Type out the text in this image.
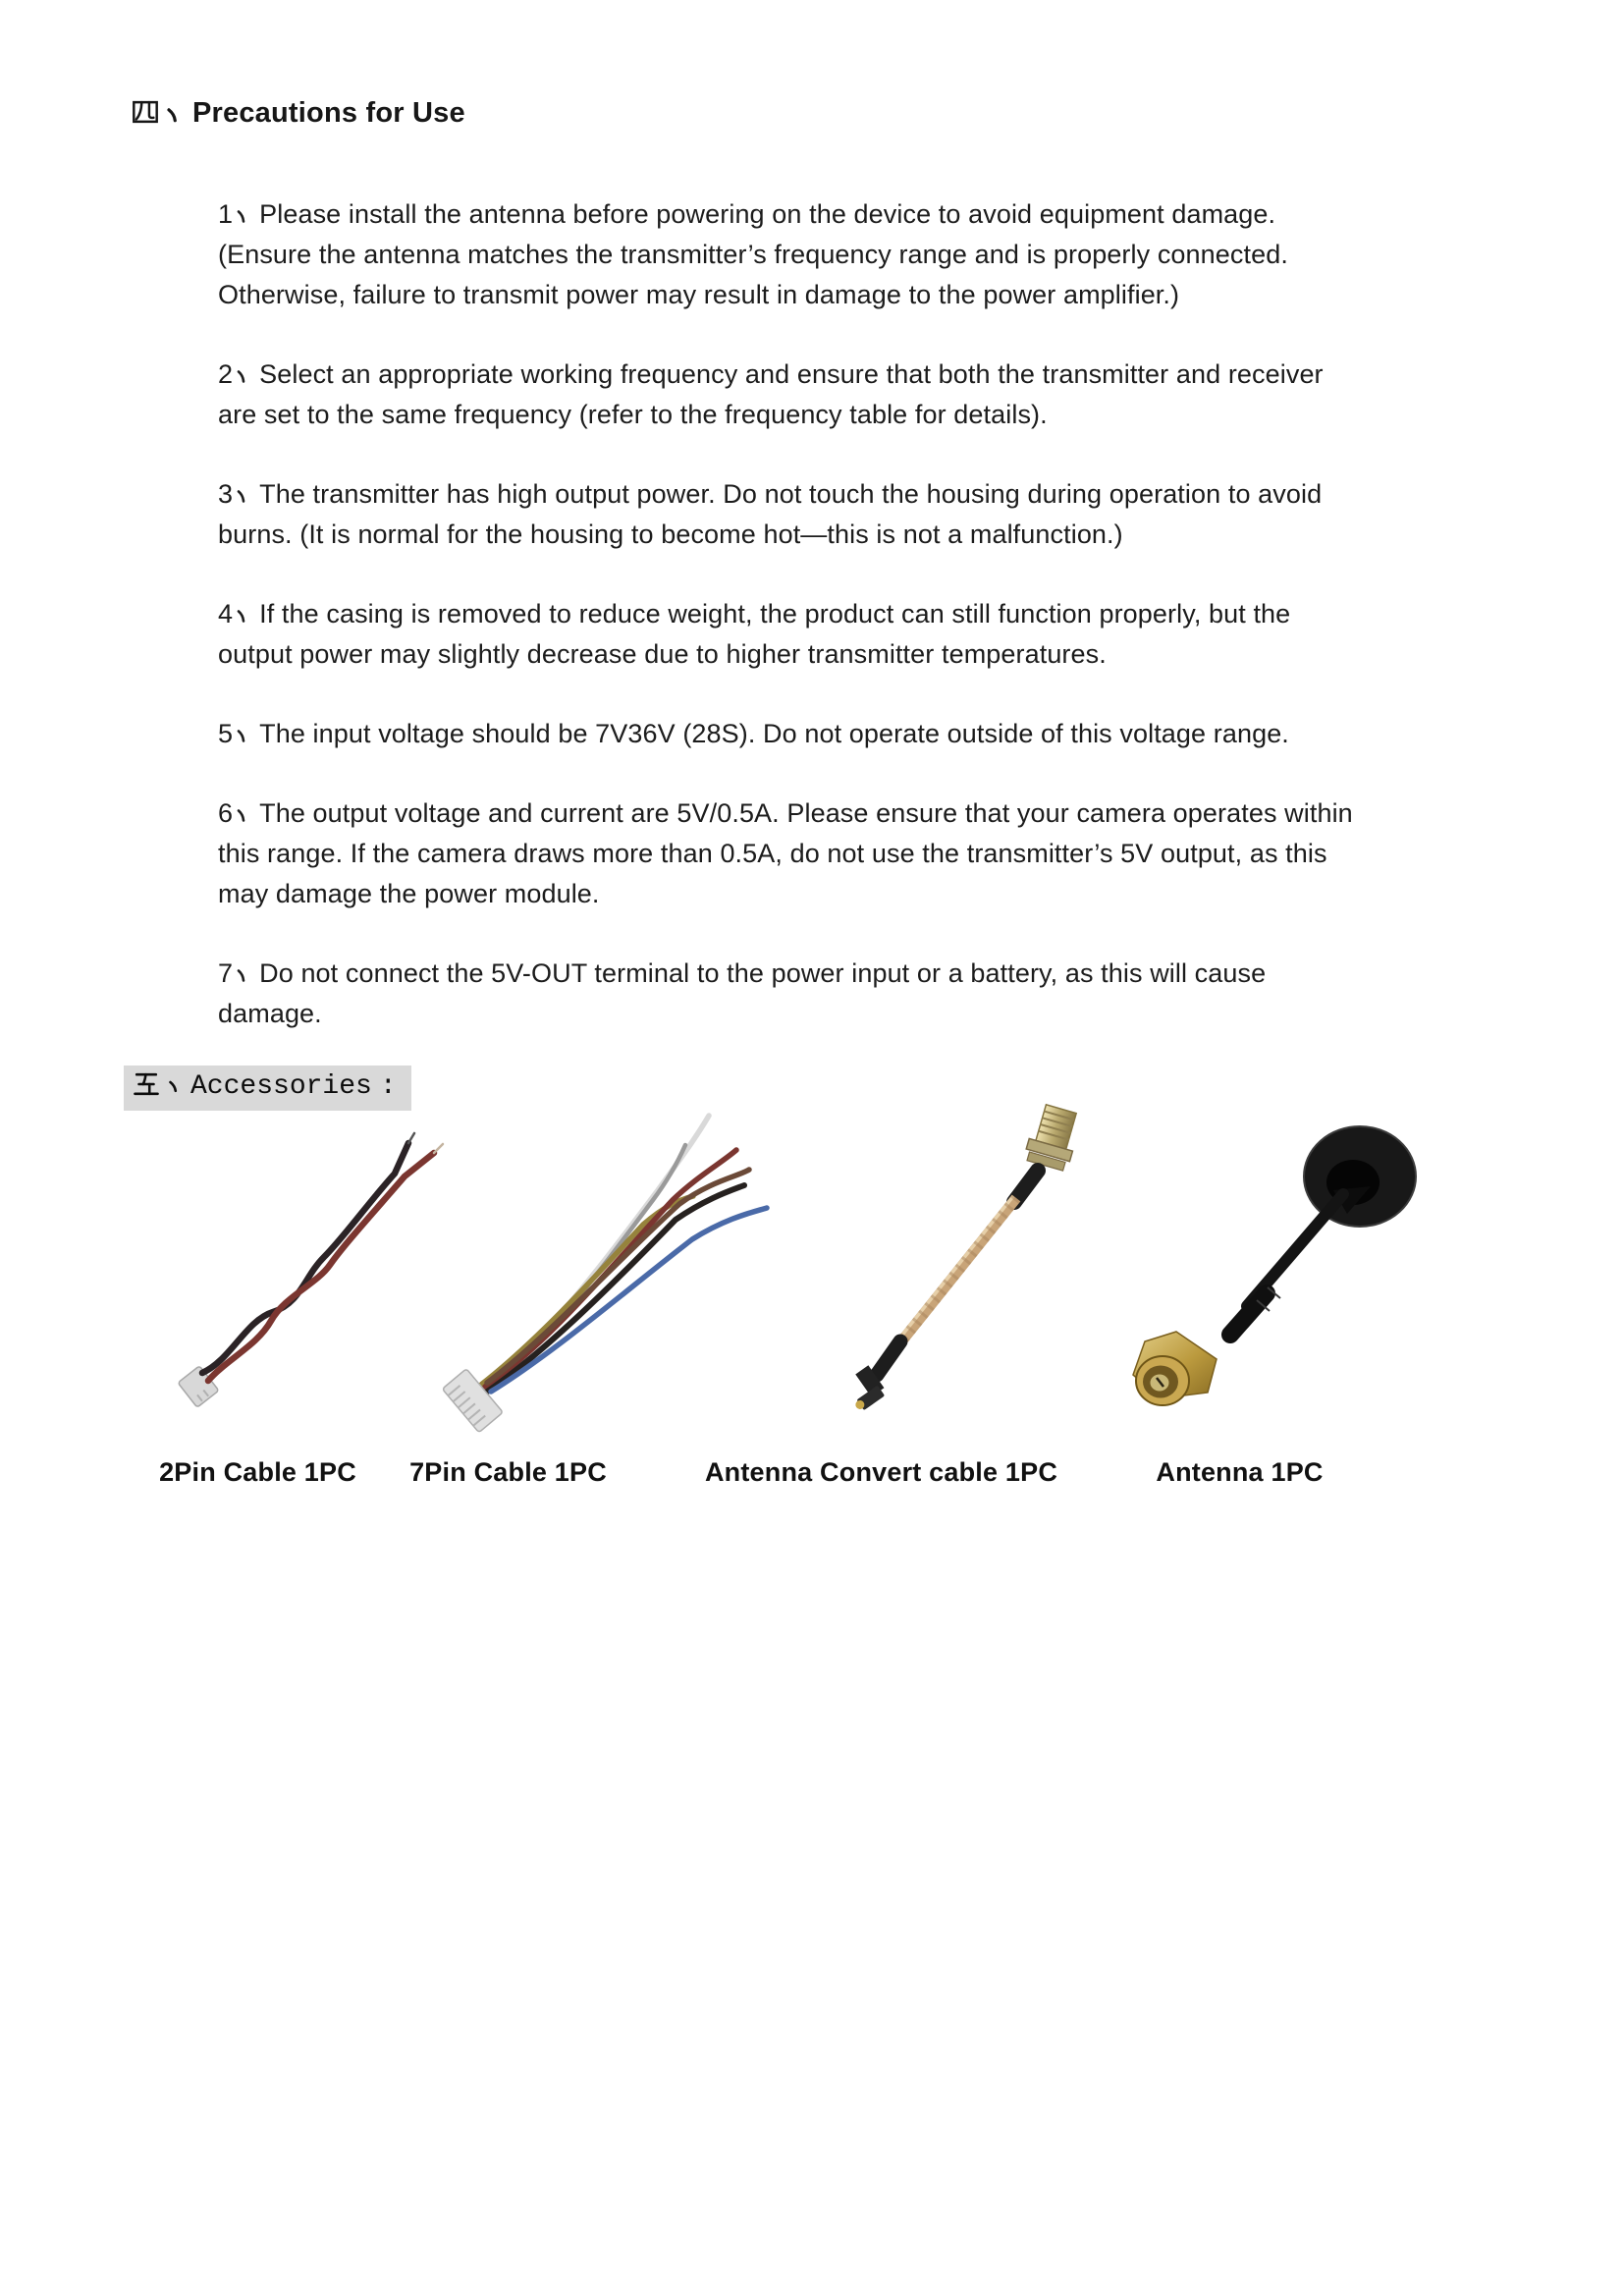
Precautions for Use

1 Please install the antenna before powering on the device to avoid equipment damage.
(Ensure the antenna matches the transmitter’s frequency range and is properly connected.
Otherwise, failure to transmit power may result in damage to the power amplifier.)

2 Select an appropriate working frequency and ensure that both the transmitter and receiver
are set to the same frequency (refer to the frequency table for details).

3 The transmitter has high output power. Do not touch the housing during operation to avoid
burns. (It is normal for the housing to become hot—this is not a malfunction.)

4 If the casing is removed to reduce weight, the product can still function properly, but the
output power may slightly decrease due to higher transmitter temperatures.

5 The input voltage should be 7V36V (28S). Do not operate outside of this voltage range.

6 The output voltage and current are 5V/0.5A. Please ensure that your camera operates within
this range. If the camera draws more than 0.5A, do not use the transmitter’s 5V output, as this
may damage the power module.

7 Do not connect the 5V-OUT terminal to the power input or a battery, as this will cause
damage.

Accessories :
2Pin Cable 1PC	7Pin Cable 1PC	Antenna Convert cable 1PC	Antenna 1PC
